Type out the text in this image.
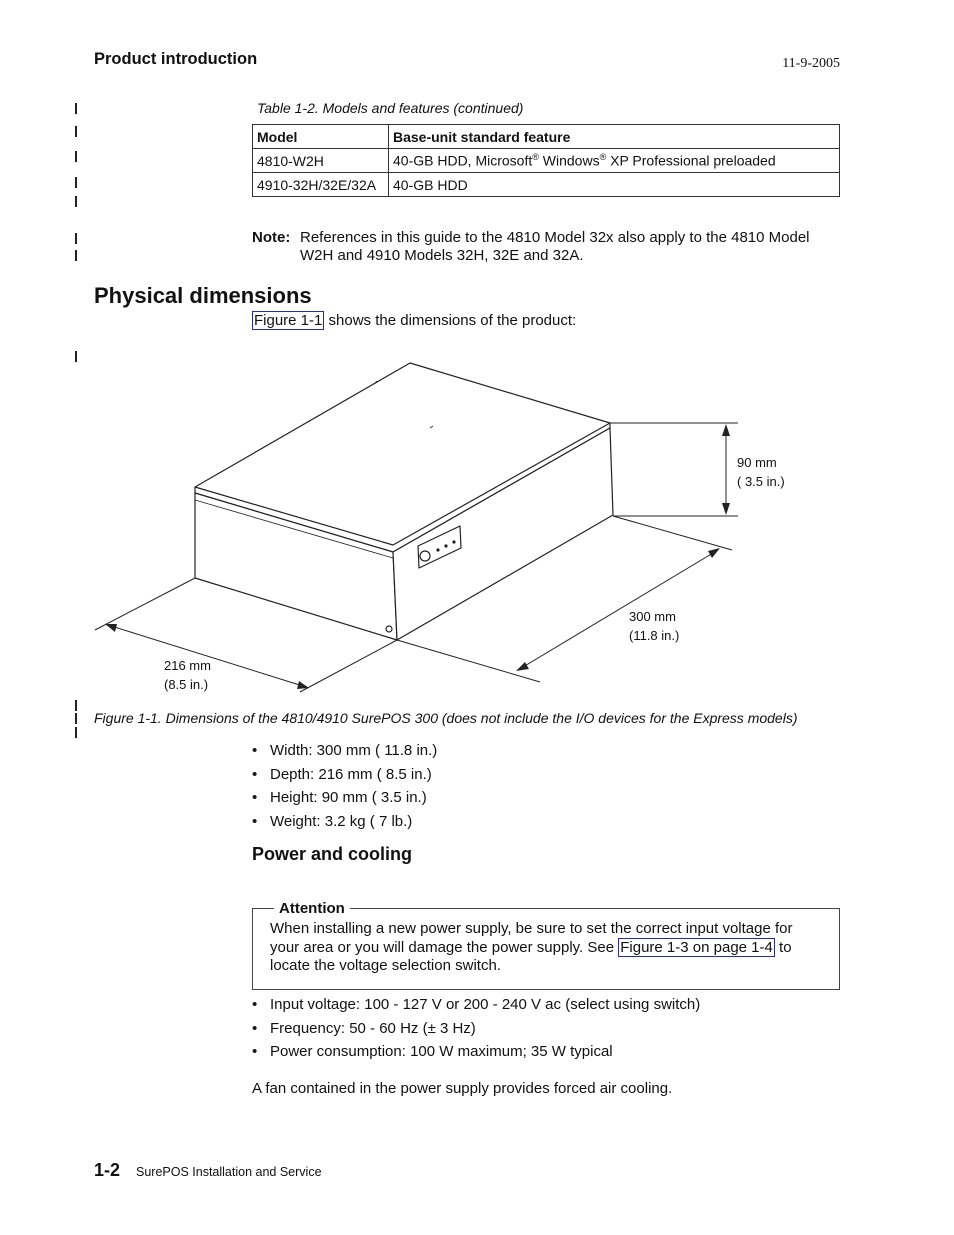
Product introduction	11-9-2005
Table 1-2. Models and features (continued)
Model	Base-unit standard feature
4810-W2H	40-GB HDD, Microsoft® Windows® XP Professional preloaded
4910-32H/32E/32A	40-GB HDD
Note: References in this guide to the 4810 Model 32x also apply to the 4810 Model W2H and 4910 Models 32H, 32E and 32A.
Physical dimensions
Figure 1-1 shows the dimensions of the product:
90 mm
( 3.5 in.)
300 mm
(11.8 in.)
216 mm
(8.5 in.)
Figure 1-1. Dimensions of the 4810/4910 SurePOS 300 (does not include the I/O devices for the Express models)
• Width: 300 mm ( 11.8 in.)
• Depth: 216 mm ( 8.5 in.)
• Height: 90 mm ( 3.5 in.)
• Weight: 3.2 kg ( 7 lb.)
Power and cooling
Attention
When installing a new power supply, be sure to set the correct input voltage for your area or you will damage the power supply. See Figure 1-3 on page 1-4 to locate the voltage selection switch.
• Input voltage: 100 - 127 V or 200 - 240 V ac (select using switch)
• Frequency: 50 - 60 Hz (± 3 Hz)
• Power consumption: 100 W maximum; 35 W typical
A fan contained in the power supply provides forced air cooling.
1-2 SurePOS Installation and Service
